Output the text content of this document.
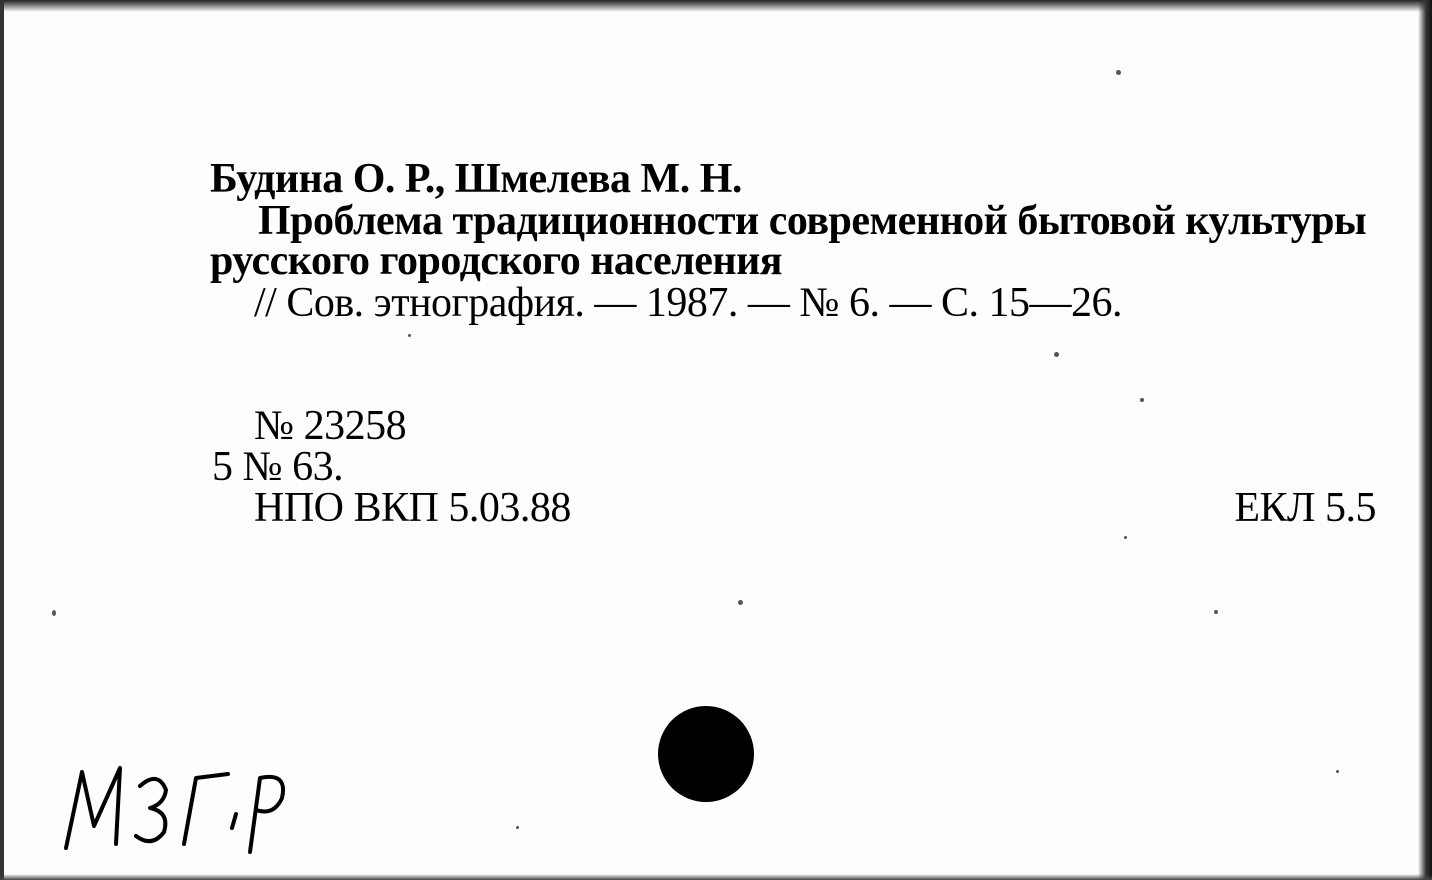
Будина О. Р., Шмелева М. Н.
Проблема традиционности современной бытовой культуры
русского городского населения
// Сов. этнография. — 1987. — № 6. — С. 15—26.
№ 23258
5 № 63.
НПО ВКП 5.03.88	ЕКЛ 5.5
